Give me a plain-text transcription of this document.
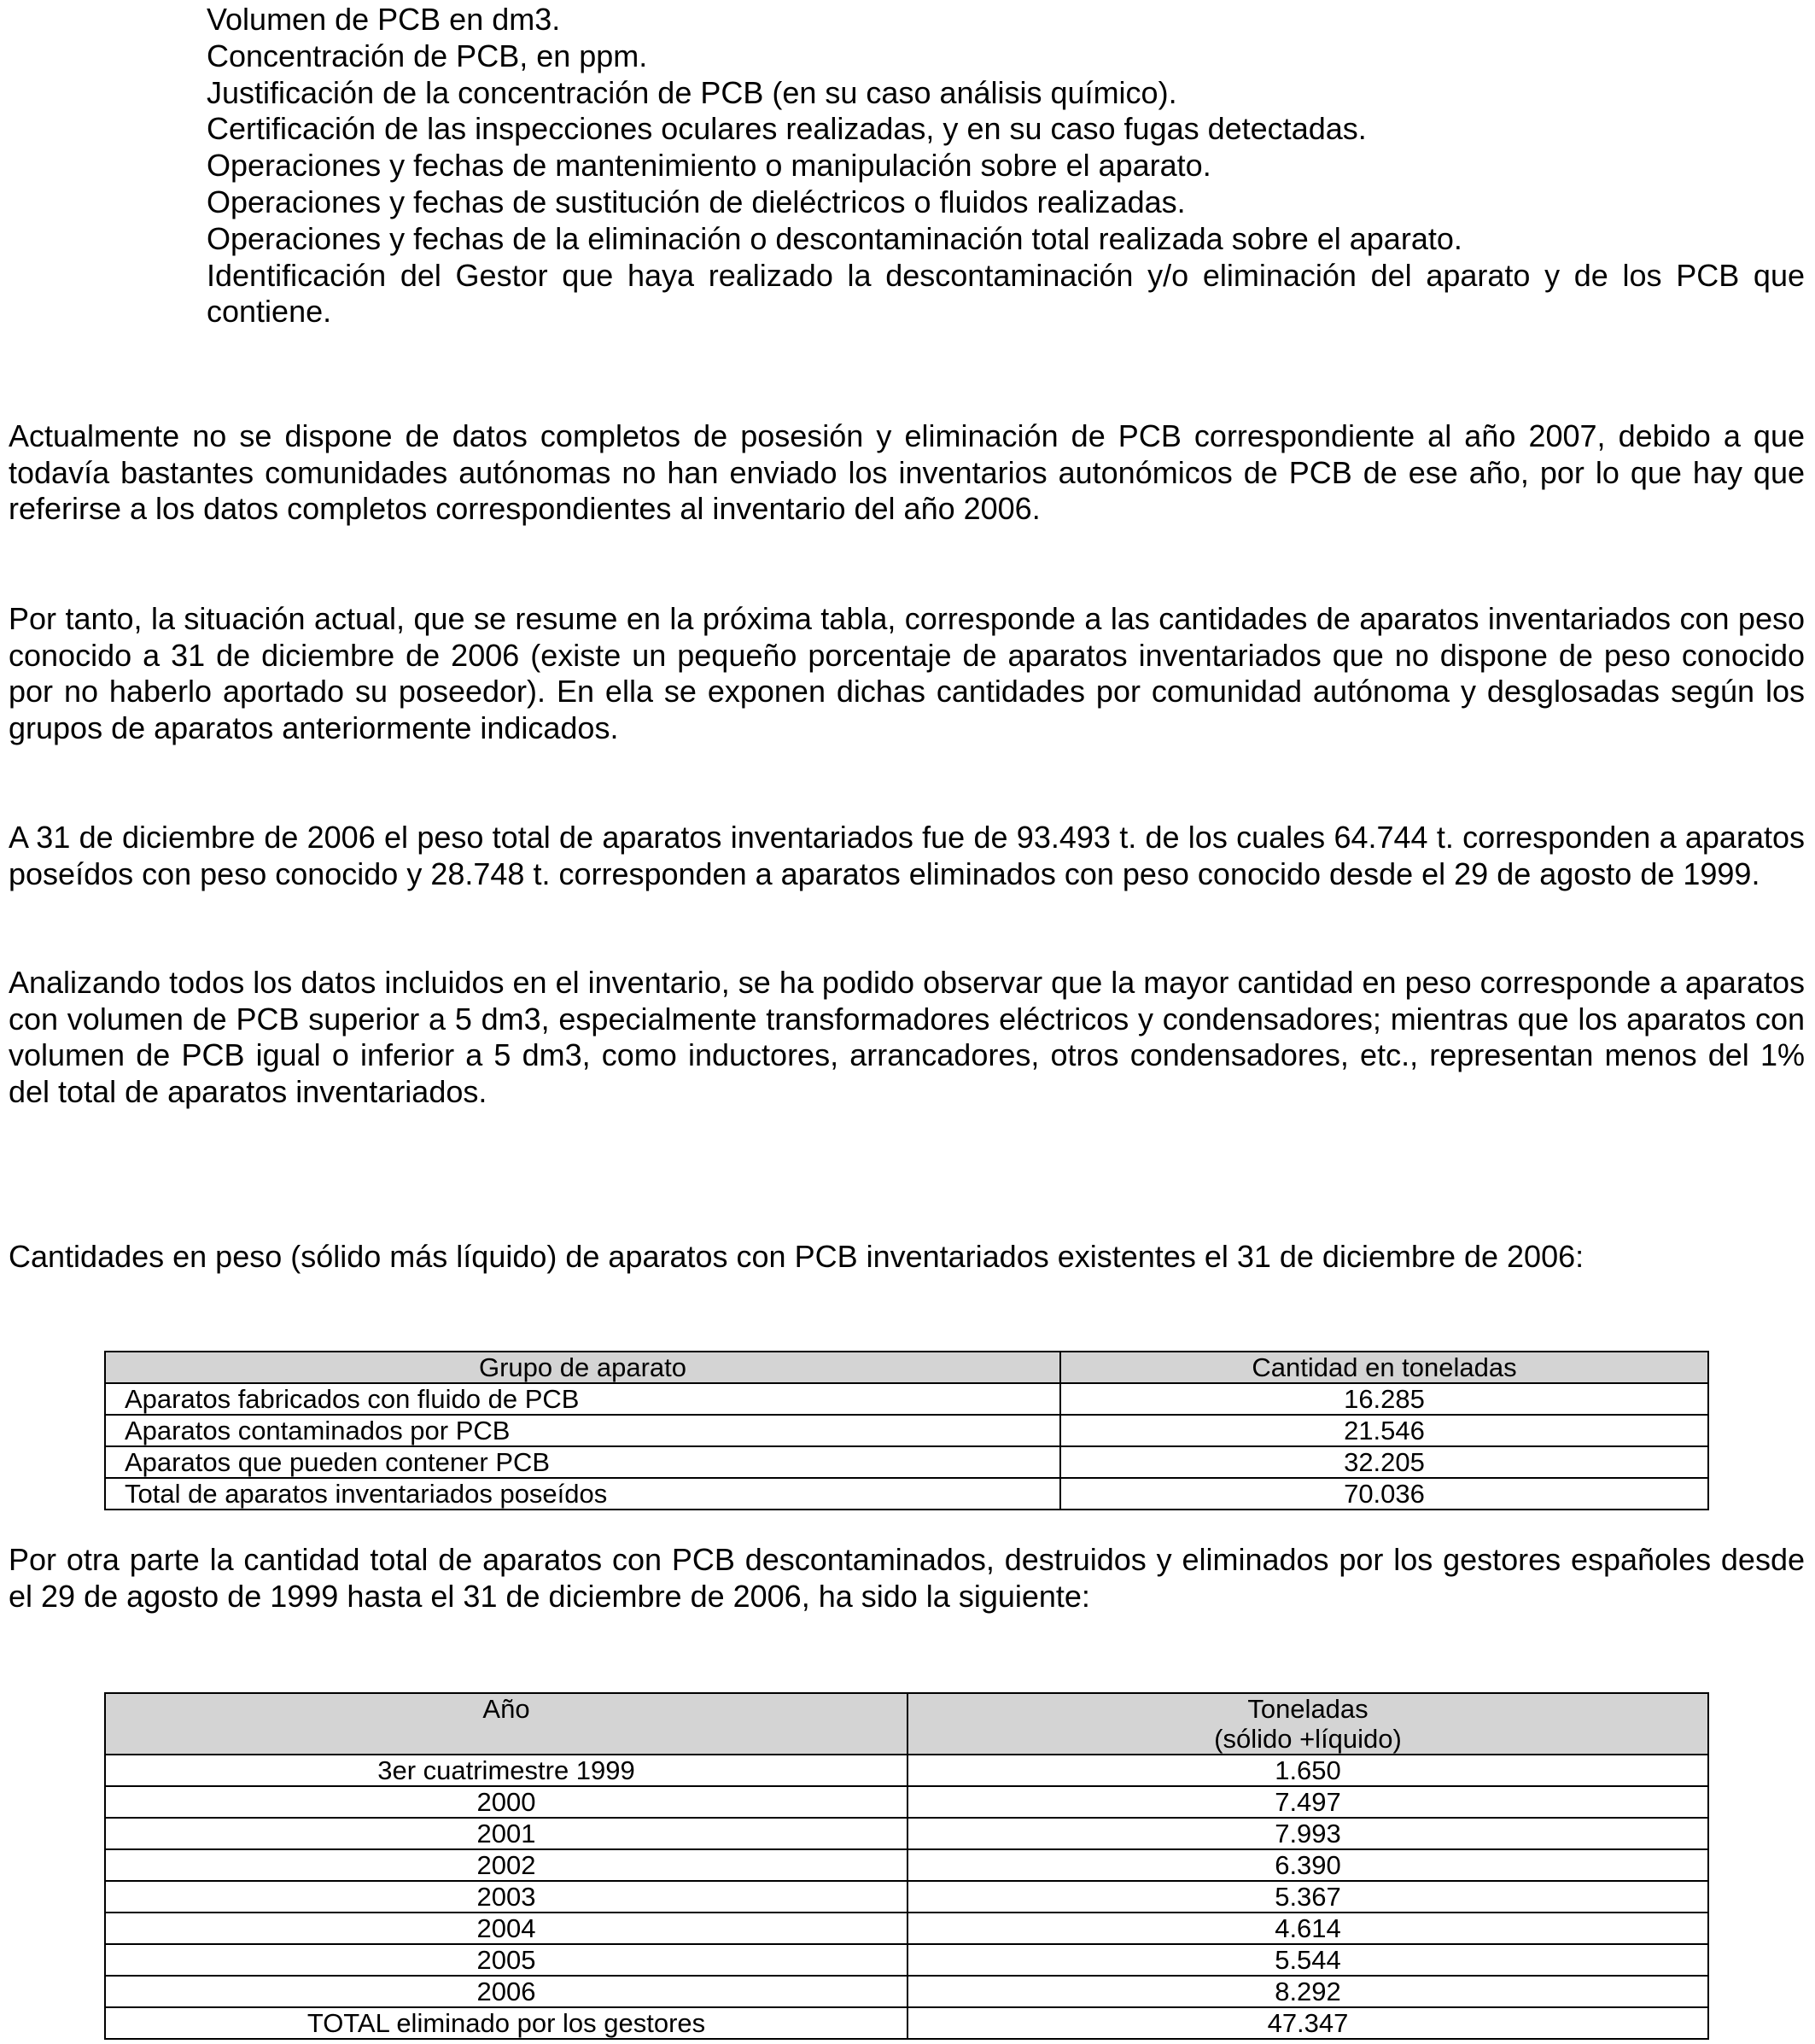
Volumen de PCB en dm3.
Concentración de PCB, en ppm.
Justificación de la concentración de PCB (en su caso análisis químico).
Certificación de las inspecciones oculares realizadas, y en su caso fugas detectadas.
Operaciones y fechas de mantenimiento o manipulación sobre el aparato.
Operaciones y fechas de sustitución de dieléctricos o fluidos realizadas.
Operaciones y fechas de la eliminación o descontaminación total realizada sobre el aparato.
Identificación del Gestor que haya realizado la descontaminación y/o eliminación del aparato y de los PCB que contiene.

Actualmente no se dispone de datos completos de posesión y eliminación de PCB correspondiente al año 2007, debido a que todavía bastantes comunidades autónomas no han enviado los inventarios autonómicos de PCB de ese año, por lo que hay que referirse a los datos completos correspondientes al inventario del año 2006.

Por tanto, la situación actual, que se resume en la próxima tabla, corresponde a las cantidades de aparatos inventariados con peso conocido a 31 de diciembre de 2006 (existe un pequeño porcentaje de aparatos inventariados que no dispone de peso conocido por no haberlo aportado su poseedor). En ella se exponen dichas cantidades por comunidad autónoma y desglosadas según los grupos de aparatos anteriormente indicados.

A 31 de diciembre de 2006 el peso total de aparatos inventariados fue de 93.493 t. de los cuales 64.744 t. corresponden a aparatos poseídos con peso conocido y 28.748 t. corresponden a aparatos eliminados con peso conocido desde el 29 de agosto de 1999.

Analizando todos los datos incluidos en el inventario, se ha podido observar que la mayor cantidad en peso corresponde a aparatos con volumen de PCB superior a 5 dm3, especialmente transformadores eléctricos y condensadores; mientras que los aparatos con volumen de PCB igual o inferior a 5 dm3, como inductores, arrancadores, otros condensadores, etc., representan menos del 1% del total de aparatos inventariados.

Cantidades en peso (sólido más líquido) de aparatos con PCB inventariados existentes el 31 de diciembre de 2006:

Grupo de aparato	Cantidad en toneladas
Aparatos fabricados con fluido de PCB	16.285
Aparatos contaminados por PCB	21.546
Aparatos que pueden contener PCB	32.205
Total de aparatos inventariados poseídos	70.036

Por otra parte la cantidad total de aparatos con PCB descontaminados, destruidos y eliminados por los gestores españoles desde el 29 de agosto de 1999 hasta el 31 de diciembre de 2006, ha sido la siguiente:

Año	Toneladas
(sólido +líquido)

3er cuatrimestre 1999	1.650
2000	7.497
2001	7.993
2002	6.390
2003	5.367
2004	4.614
2005	5.544
2006	8.292
TOTAL eliminado por los gestores	47.347
